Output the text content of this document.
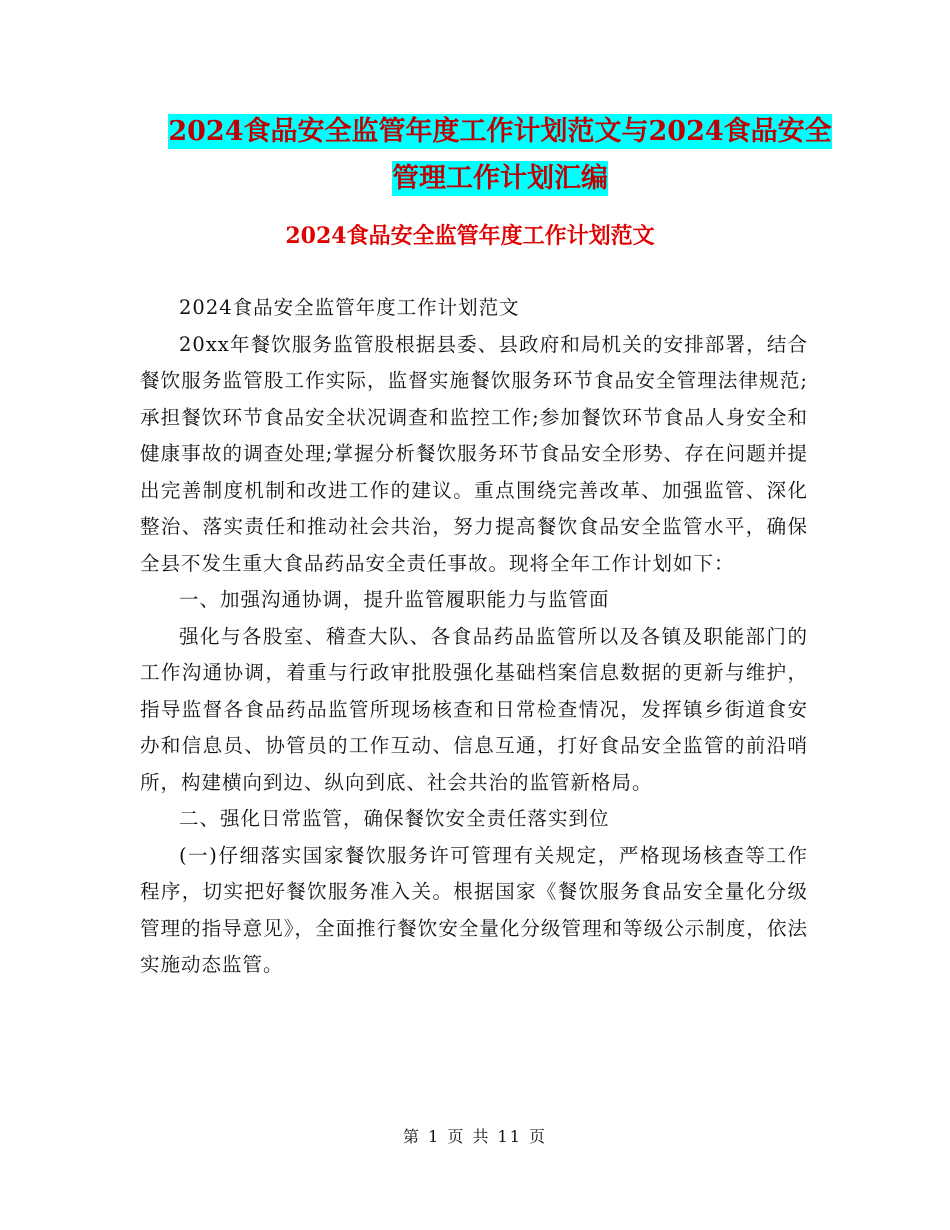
2024食品安全监管年度工作计划范文与2024食品安全
管理工作计划汇编
2024食品安全监管年度工作计划范文

2024食品安全监管年度工作计划范文

20xx年餐饮服务监管股根据县委、县政府和局机关的安排部署，结合餐饮服务监管股工作实际，监督实施餐饮服务环节食品安全管理法律规范;承担餐饮环节食品安全状况调查和监控工作;参加餐饮环节食品人身安全和健康事故的调查处理;掌握分析餐饮服务环节食品安全形势、存在问题并提出完善制度机制和改进工作的建议。重点围绕完善改革、加强监管、深化整治、落实责任和推动社会共治，努力提高餐饮食品安全监管水平，确保全县不发生重大食品药品安全责任事故。现将全年工作计划如下：

一、加强沟通协调，提升监管履职能力与监管面

强化与各股室、稽查大队、各食品药品监管所以及各镇及职能部门的工作沟通协调，着重与行政审批股强化基础档案信息数据的更新与维护，指导监督各食品药品监管所现场核查和日常检查情况，发挥镇乡街道食安办和信息员、协管员的工作互动、信息互通，打好食品安全监管的前沿哨所，构建横向到边、纵向到底、社会共治的监管新格局。

二、强化日常监管，确保餐饮安全责任落实到位

(一)仔细落实国家餐饮服务许可管理有关规定，严格现场核查等工作程序，切实把好餐饮服务准入关。根据国家《餐饮服务食品安全量化分级管理的指导意见》，全面推行餐饮安全量化分级管理和等级公示制度，依法实施动态监管。

第 1 页 共 11 页
